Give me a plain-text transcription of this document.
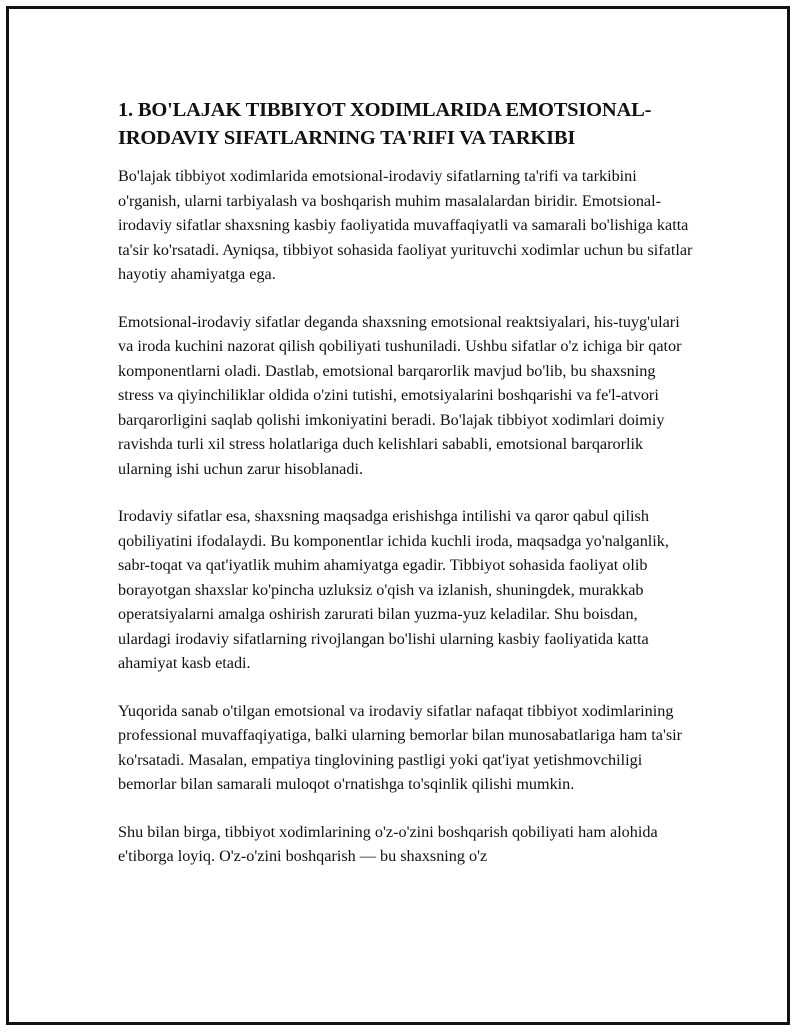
1. BO'LAJAK TIBBIYOT XODIMLARIDA EMOTSIONAL-IRODAVIY SIFATLARNING TA'RIFI VA TARKIBI

Bo'lajak tibbiyot xodimlarida emotsional-irodaviy sifatlarning ta'rifi va tarkibini o'rganish, ularni tarbiyalash va boshqarish muhim masalalardan biridir. Emotsional-irodaviy sifatlar shaxsning kasbiy faoliyatida muvaffaqiyatli va samarali bo'lishiga katta ta'sir ko'rsatadi. Ayniqsa, tibbiyot sohasida faoliyat yurituvchi xodimlar uchun bu sifatlar hayotiy ahamiyatga ega.

Emotsional-irodaviy sifatlar deganda shaxsning emotsional reaktsiyalari, his-tuyg'ulari va iroda kuchini nazorat qilish qobiliyati tushuniladi. Ushbu sifatlar o'z ichiga bir qator komponentlarni oladi. Dastlab, emotsional barqarorlik mavjud bo'lib, bu shaxsning stress va qiyinchiliklar oldida o'zini tutishi, emotsiyalarini boshqarishi va fe'l-atvori barqarorligini saqlab qolishi imkoniyatini beradi. Bo'lajak tibbiyot xodimlari doimiy ravishda turli xil stress holatlariga duch kelishlari sababli, emotsional barqarorlik ularning ishi uchun zarur hisoblanadi.

Irodaviy sifatlar esa, shaxsning maqsadga erishishga intilishi va qaror qabul qilish qobiliyatini ifodalaydi. Bu komponentlar ichida kuchli iroda, maqsadga yo'nalganlik, sabr-toqat va qat'iyatlik muhim ahamiyatga egadir. Tibbiyot sohasida faoliyat olib borayotgan shaxslar ko'pincha uzluksiz o'qish va izlanish, shuningdek, murakkab operatsiyalarni amalga oshirish zarurati bilan yuzma-yuz keladilar. Shu boisdan, ulardagi irodaviy sifatlarning rivojlangan bo'lishi ularning kasbiy faoliyatida katta ahamiyat kasb etadi.

Yuqorida sanab o'tilgan emotsional va irodaviy sifatlar nafaqat tibbiyot xodimlarining professional muvaffaqiyatiga, balki ularning bemorlar bilan munosabatlariga ham ta'sir ko'rsatadi. Masalan, empatiya tinglovining pastligi yoki qat'iyat yetishmovchiligi bemorlar bilan samarali muloqot o'rnatishga to'sqinlik qilishi mumkin.

Shu bilan birga, tibbiyot xodimlarining o'z-o'zini boshqarish qobiliyati ham alohida e'tiborga loyiq. O'z-o'zini boshqarish — bu shaxsning o'z
